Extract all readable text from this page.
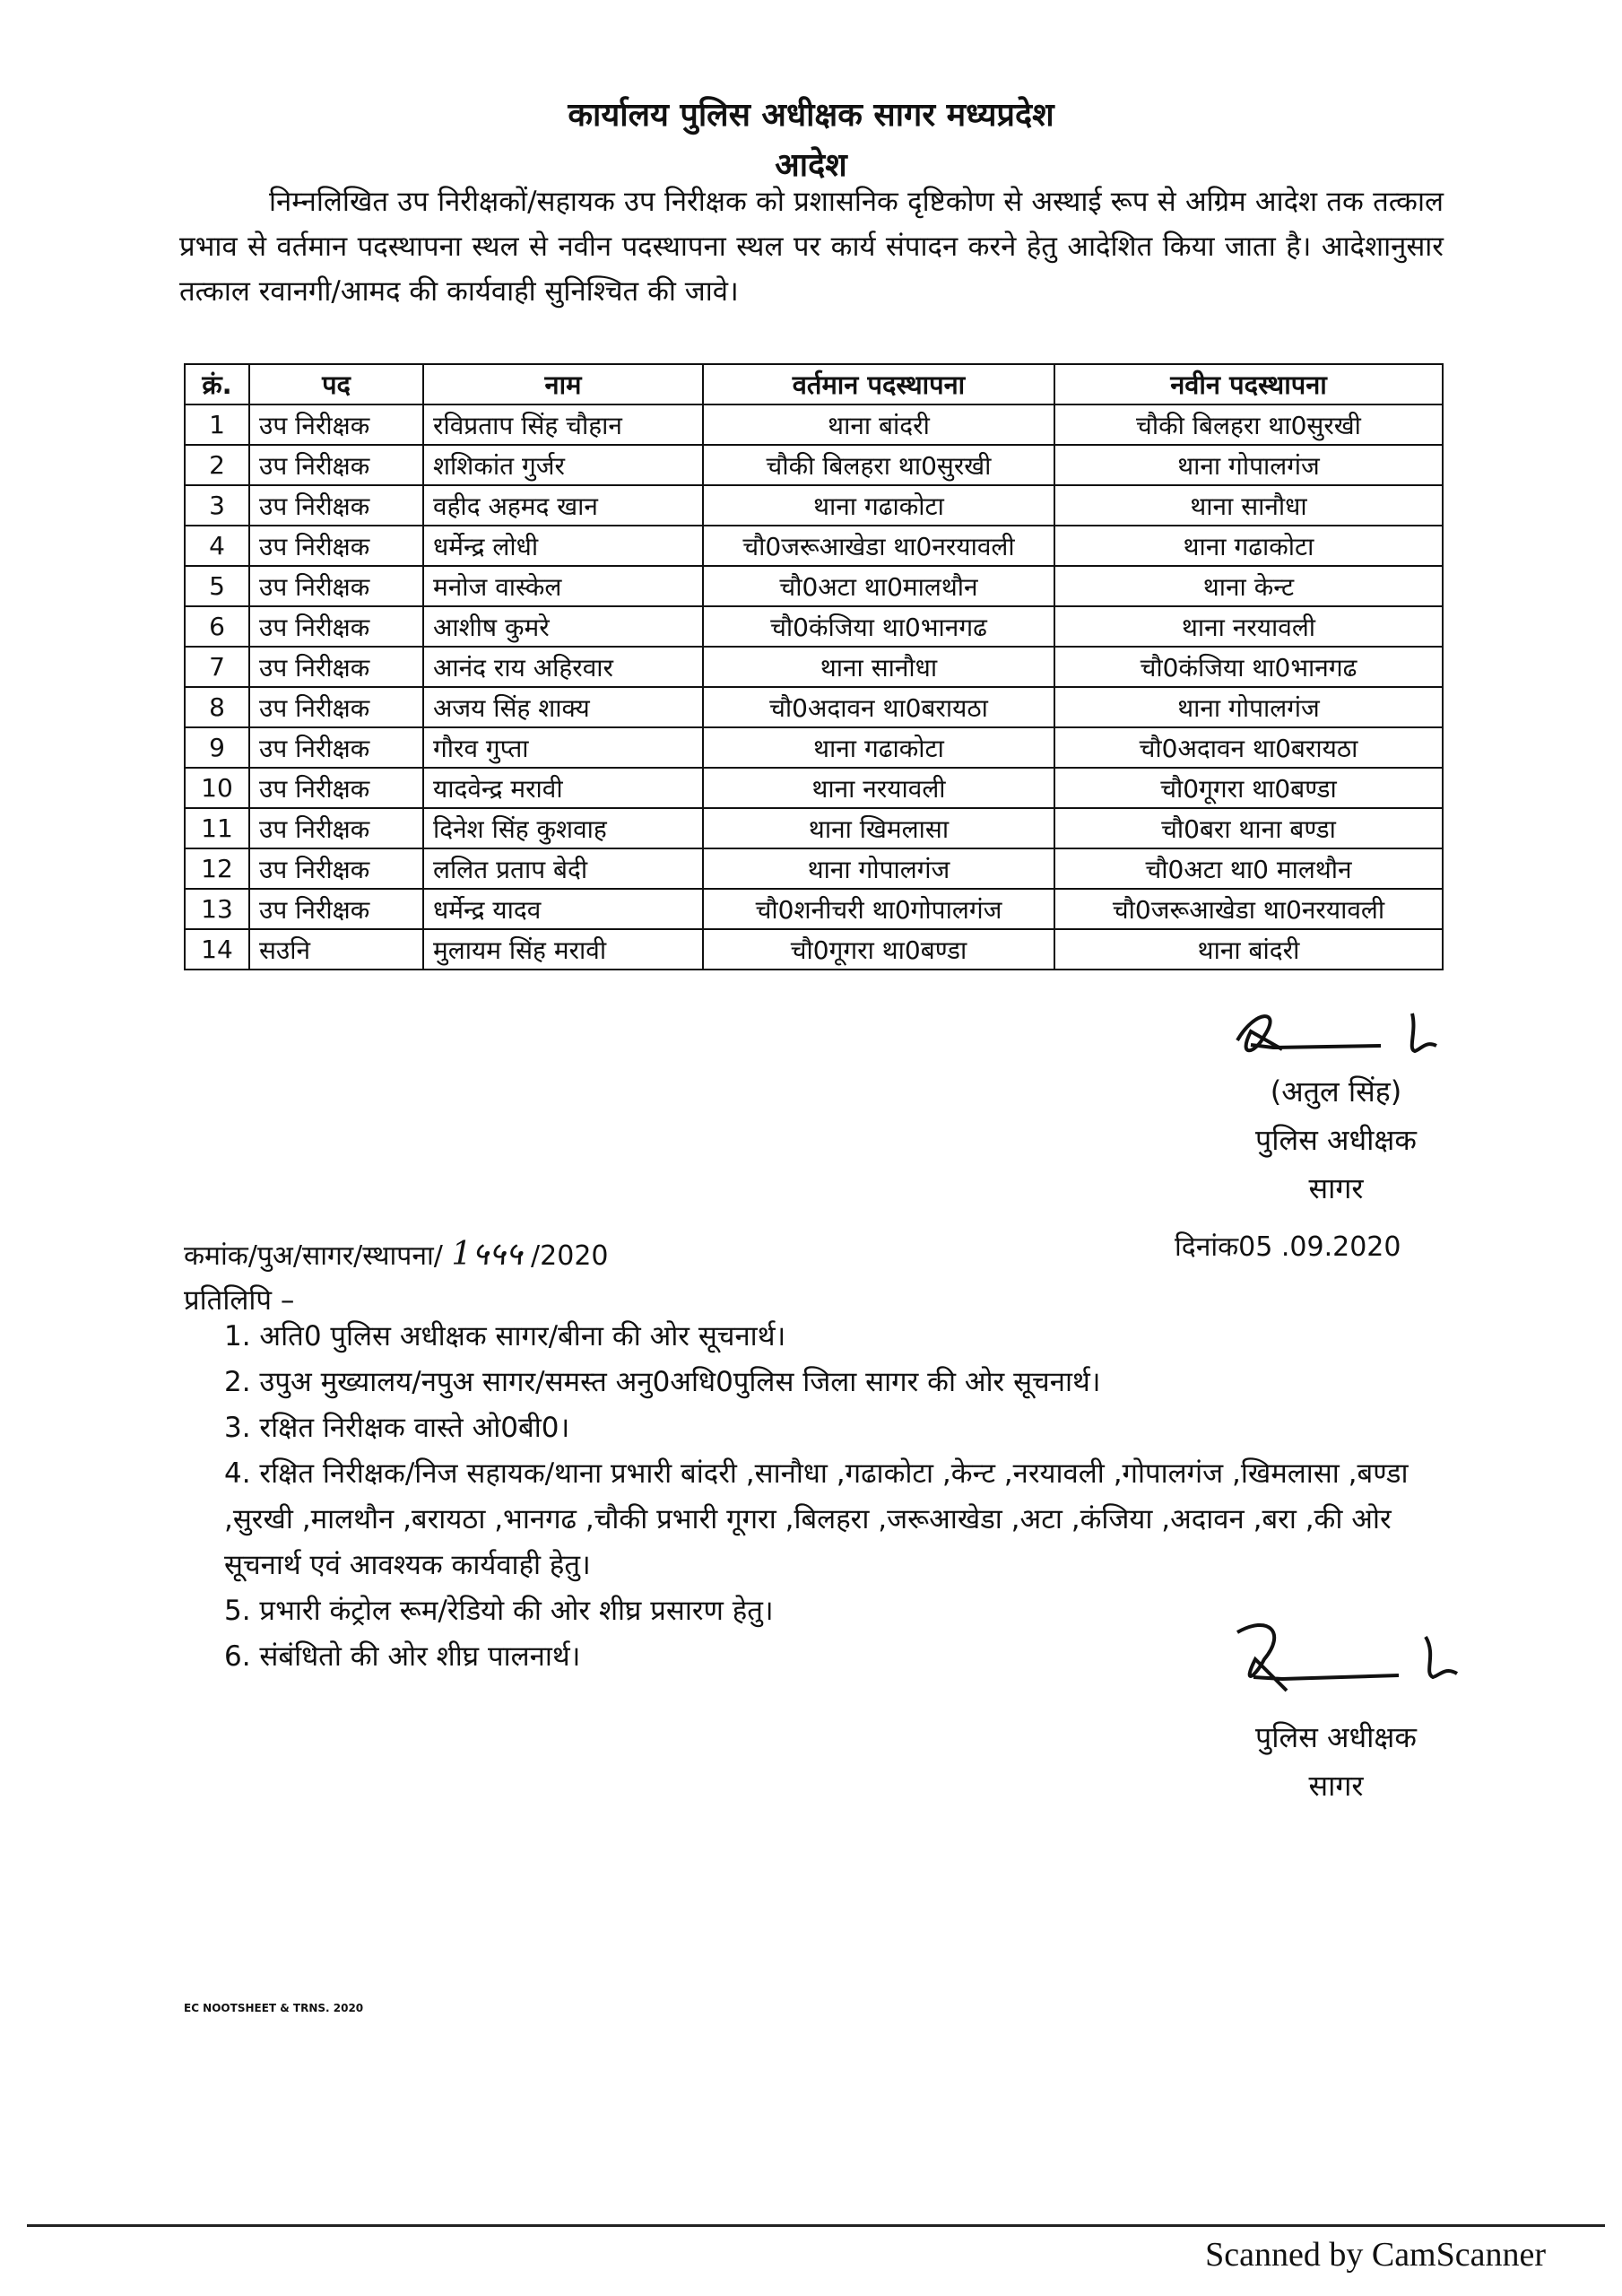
कार्यालय पुलिस अधीक्षक सागर मध्यप्रदेश
आदेश
निम्नलिखित उप निरीक्षकों/सहायक उप निरीक्षक को प्रशासनिक दृष्टिकोण से अस्थाई रूप से अग्रिम आदेश तक तत्काल प्रभाव से वर्तमान पदस्थापना स्थल से नवीन पदस्थापना स्थल पर कार्य संपादन करने हेतु आदेशित किया जाता है। आदेशानुसार तत्काल रवानगी/आमद की कार्यवाही सुनिश्चित की जावे।
क्रं.	पद	नाम	वर्तमान पदस्थापना	नवीन पदस्थापना
1	उप निरीक्षक	रविप्रताप सिंह चौहान	थाना बांदरी	चौकी बिलहरा था0सुरखी
2	उप निरीक्षक	शशिकांत गुर्जर	चौकी बिलहरा था0सुरखी	थाना गोपालगंज
3	उप निरीक्षक	वहीद अहमद खान	थाना गढाकोटा	थाना सानौधा
4	उप निरीक्षक	धर्मेन्द्र लोधी	चौ0जरूआखेडा था0नरयावली	थाना गढाकोटा
5	उप निरीक्षक	मनोज वास्केल	चौ0अटा था0मालथौन	थाना केन्ट
6	उप निरीक्षक	आशीष कुमरे	चौ0कंजिया था0भानगढ	थाना नरयावली
7	उप निरीक्षक	आनंद राय अहिरवार	थाना सानौधा	चौ0कंजिया था0भानगढ
8	उप निरीक्षक	अजय सिंह शाक्य	चौ0अदावन था0बरायठा	थाना गोपालगंज
9	उप निरीक्षक	गौरव गुप्ता	थाना गढाकोटा	चौ0अदावन था0बरायठा
10	उप निरीक्षक	यादवेन्द्र मरावी	थाना नरयावली	चौ0गूगरा था0बण्डा
11	उप निरीक्षक	दिनेश सिंह कुशवाह	थाना खिमलासा	चौ0बरा थाना बण्डा
12	उप निरीक्षक	ललित प्रताप बेदी	थाना गोपालगंज	चौ0अटा था0 मालथौन
13	उप निरीक्षक	धर्मेन्द्र यादव	चौ0शनीचरी था0गोपालगंज	चौ0जरूआखेडा था0नरयावली
14	सउनि	मुलायम सिंह मरावी	चौ0गूगरा था0बण्डा	थाना बांदरी
(अतुल सिंह)
पुलिस अधीक्षक
सागर
कमांक/पुअ/सागर/स्थापना/ 1५५५ /2020	दिनांक05 .09.2020
प्रतिलिपि –
1. अति0 पुलिस अधीक्षक सागर/बीना की ओर सूचनार्थ।
2. उपुअ मुख्यालय/नपुअ सागर/समस्त अनु0अधि0पुलिस जिला सागर की ओर सूचनार्थ।
3. रक्षित निरीक्षक वास्ते ओ0बी0।
4. रक्षित निरीक्षक/निज सहायक/थाना प्रभारी बांदरी ,सानौधा ,गढाकोटा ,केन्ट ,नरयावली ,गोपालगंज ,खिमलासा ,बण्डा ,सुरखी ,मालथौन ,बरायठा ,भानगढ ,चौकी प्रभारी गूगरा ,बिलहरा ,जरूआखेडा ,अटा ,कंजिया ,अदावन ,बरा ,की ओर सूचनार्थ एवं आवश्यक कार्यवाही हेतु।
5. प्रभारी कंट्रोल रूम/रेडियो की ओर शीघ्र प्रसारण हेतु।
6. संबंधितो की ओर शीघ्र पालनार्थ।
पुलिस अधीक्षक
सागर
EC NOOTSHEET & TRNS. 2020
Scanned by CamScanner
